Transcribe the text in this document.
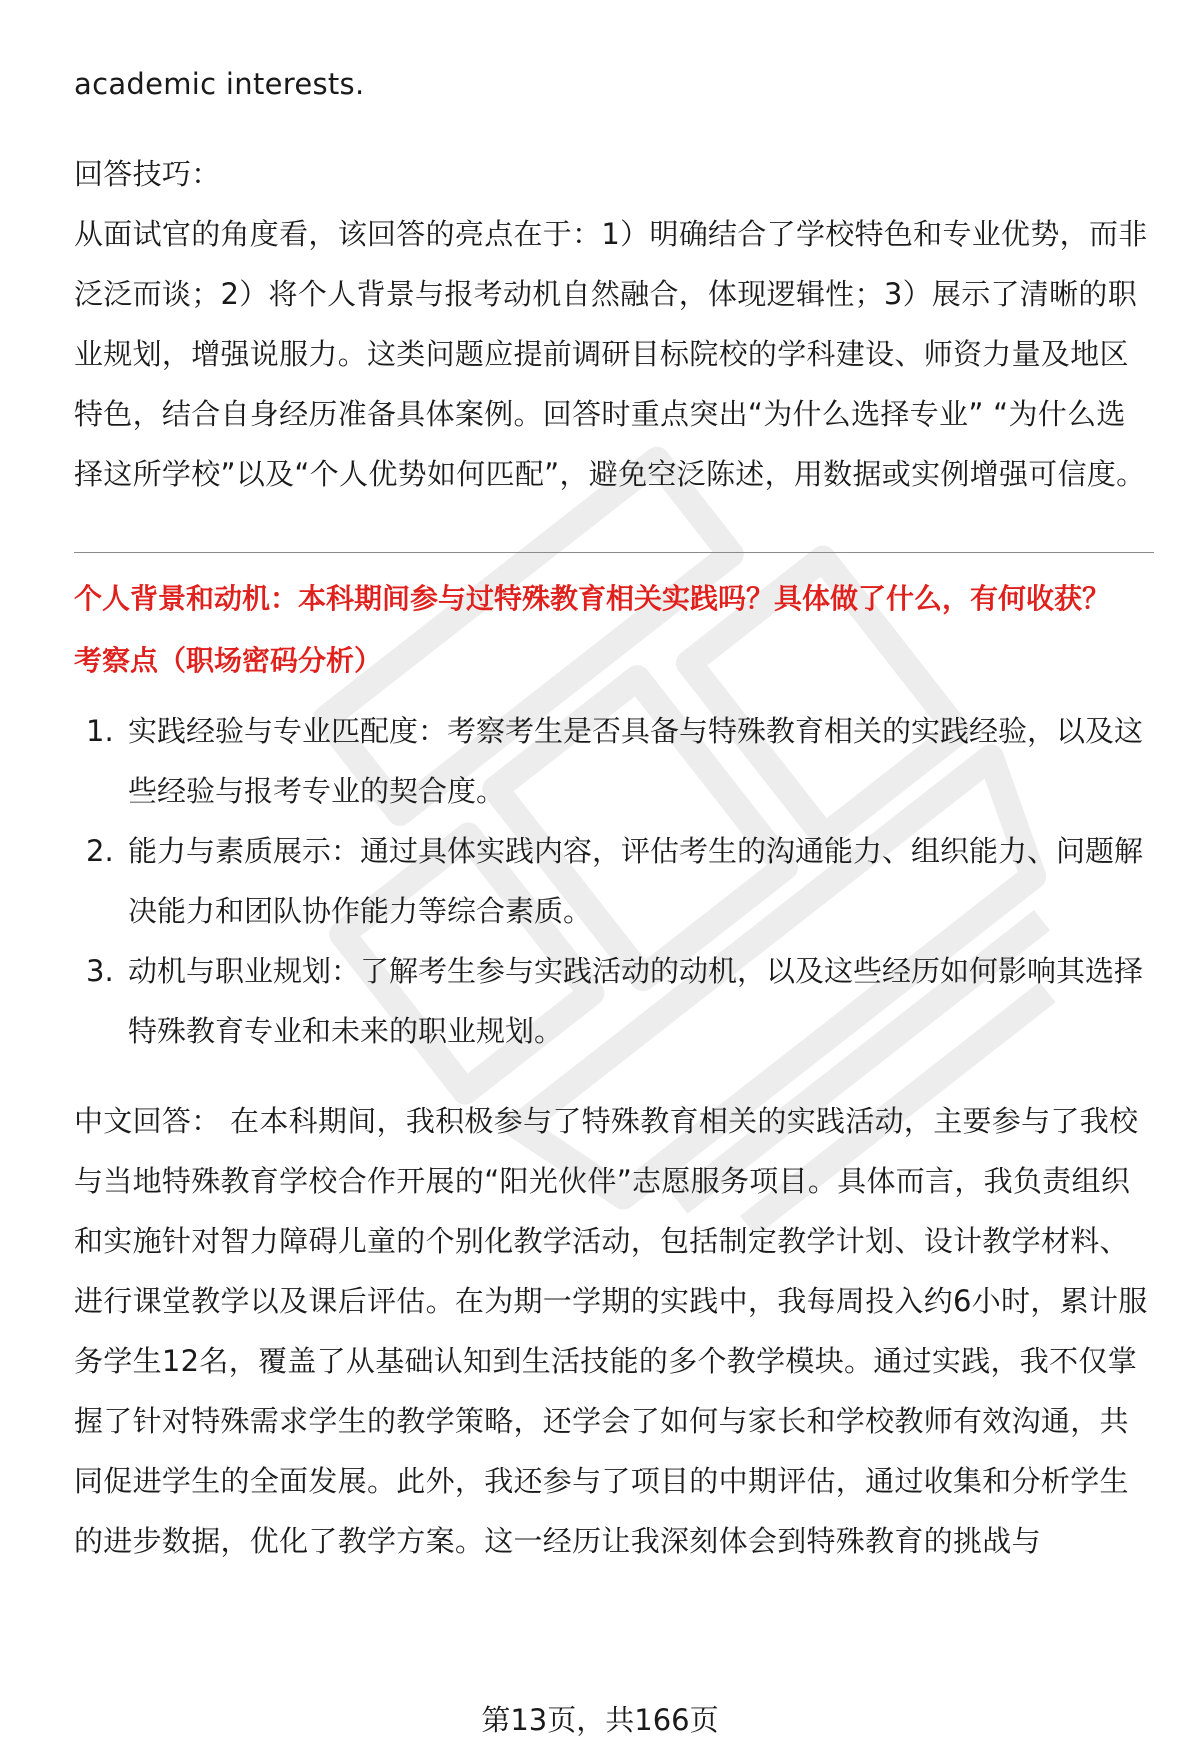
academic interests.

回答技巧：

从面试官的角度看，该回答的亮点在于：1）明确结合了学校特色和专业优势，而非泛泛而谈；2）将个人背景与报考动机自然融合，体现逻辑性；3）展示了清晰的职业规划，增强说服力。这类问题应提前调研目标院校的学科建设、师资力量及地区特色，结合自身经历准备具体案例。回答时重点突出“为什么选择专业” “为什么选择这所学校”以及“个人优势如何匹配”，避免空泛陈述，用数据或实例增强可信度。

个人背景和动机：本科期间参与过特殊教育相关实践吗？具体做了什么，有何收获？

考察点（职场密码分析）

1. 实践经验与专业匹配度：考察考生是否具备与特殊教育相关的实践经验，以及这些经验与报考专业的契合度。
2. 能力与素质展示：通过具体实践内容，评估考生的沟通能力、组织能力、问题解决能力和团队协作能力等综合素质。
3. 动机与职业规划：了解考生参与实践活动的动机，以及这些经历如何影响其选择特殊教育专业和未来的职业规划。

中文回答： 在本科期间，我积极参与了特殊教育相关的实践活动，主要参与了我校与当地特殊教育学校合作开展的“阳光伙伴”志愿服务项目。具体而言，我负责组织和实施针对智力障碍儿童的个别化教学活动，包括制定教学计划、设计教学材料、进行课堂教学以及课后评估。在为期一学期的实践中，我每周投入约6小时，累计服务学生12名，覆盖了从基础认知到生活技能的多个教学模块。通过实践，我不仅掌握了针对特殊需求学生的教学策略，还学会了如何与家长和学校教师有效沟通，共同促进学生的全面发展。此外，我还参与了项目的中期评估，通过收集和分析学生的进步数据，优化了教学方案。这一经历让我深刻体会到特殊教育的挑战与

第13页，共166页
